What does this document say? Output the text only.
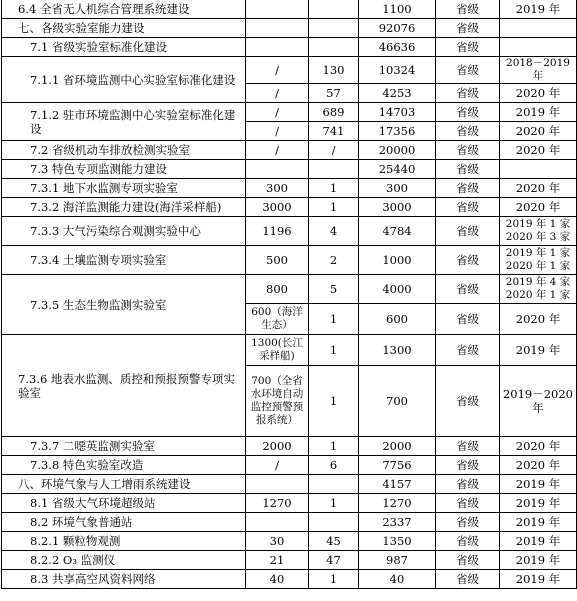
6.4 全省无人机综合管理系统建设			1100	省级	2019 年
七、各级实验室能力建设			92076	省级	
7.1 省级实验室标准化建设			46636	省级	
7.1.1 省环境监测中心实验室标准化建设	/	130	10324	省级	2018－2019 年
	/	57	4253	省级	2020 年
7.1.2 驻市环境监测中心实验室标准化建设	/	689	14703	省级	2019 年
	/	741	17356	省级	2020 年
7.2 省级机动车排放检测实验室	/	/	20000	省级	2020 年
7.3 特色专项监测能力建设			25440	省级	
7.3.1 地下水监测专项实验室	300	1	300	省级	2020 年
7.3.2 海洋监测能力建设(海洋采样船)	3000	1	3000	省级	2020 年
7.3.3 大气污染综合观测实验中心	1196	4	4784	省级	2019 年 1 家
2020 年 3 家
7.3.4 土壤监测专项实验室	500	2	1000	省级	2019 年 1 家
2020 年 1 家
7.3.5 生态生物监测实验室	800	5	4000	省级	2019 年 4 家
2020 年 1 家
	600（海洋生态）	1	600	省级	2020 年
7.3.6 地表水监测、质控和预报预警专项实验室	1300(长江采样船)	1	1300	省级	2019 年
	700（全省水环境自动监控预警预报系统）	1	700	省级	2019－2020 年
7.3.7 二噁英监测实验室	2000	1	2000	省级	2020 年
7.3.8 特色实验室改造	/	6	7756	省级	2020 年
八、环境气象与人工增雨系统建设			4157	省级	2019 年
8.1 省级大气环境超级站	1270	1	1270	省级	2019 年
8.2 环境气象普通站			2337	省级	2019 年
8.2.1 颗粒物观测	30	45	1350	省级	2019 年
8.2.2 O₃ 监测仪	21	47	987	省级	2019 年
8.3 共享高空风资料网络	40	1	40	省级	2019 年
